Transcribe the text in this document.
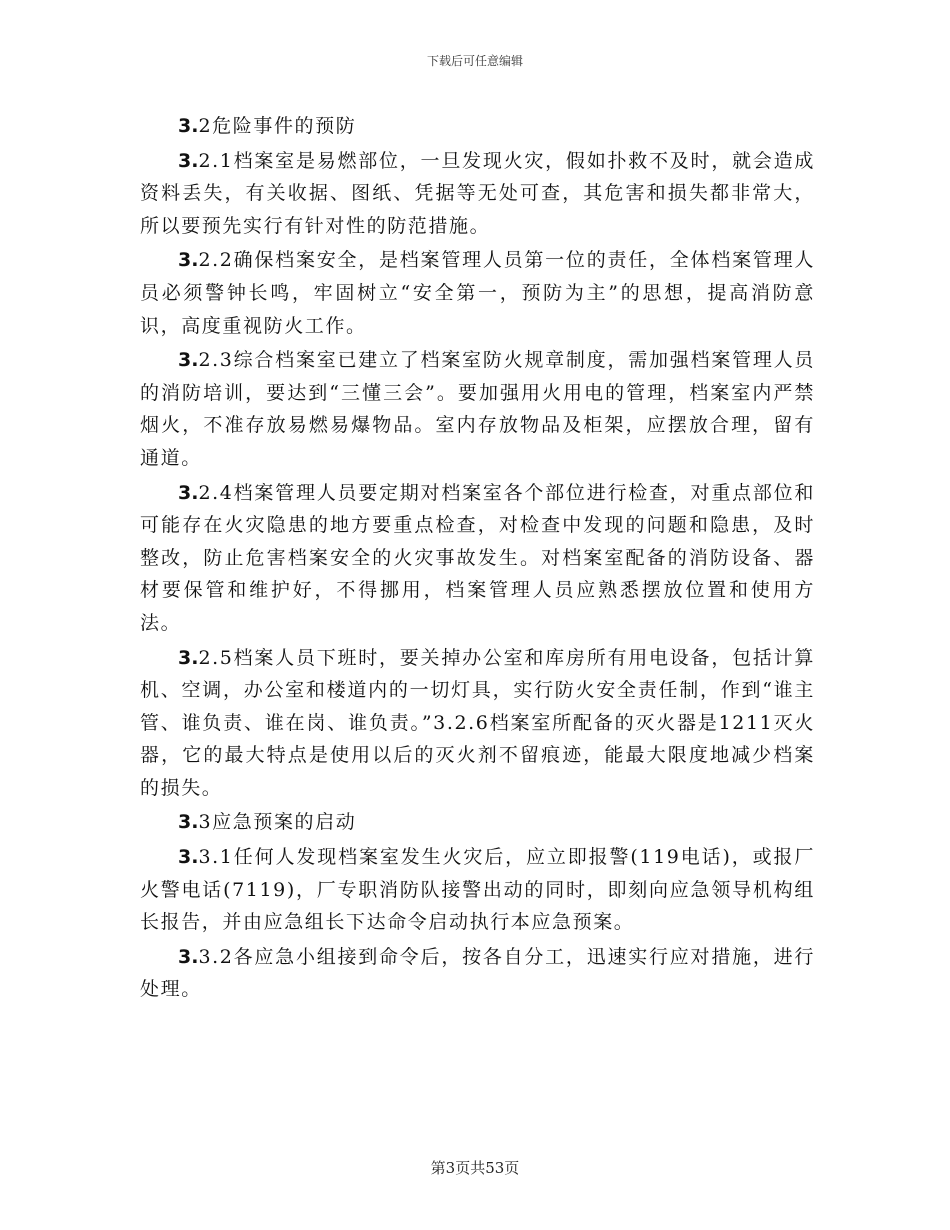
下载后可任意编辑

3.2危险事件的预防

3.2.1档案室是易燃部位，一旦发现火灾，假如扑救不及时，就会造成资料丢失，有关收据、图纸、凭据等无处可查，其危害和损失都非常大，所以要预先实行有针对性的防范措施。

3.2.2确保档案安全，是档案管理人员第一位的责任，全体档案管理人员必须警钟长鸣，牢固树立“安全第一，预防为主”的思想，提高消防意识，高度重视防火工作。

3.2.3综合档案室已建立了档案室防火规章制度，需加强档案管理人员的消防培训，要达到“三懂三会”。要加强用火用电的管理，档案室内严禁烟火，不准存放易燃易爆物品。室内存放物品及柜架，应摆放合理，留有通道。

3.2.4档案管理人员要定期对档案室各个部位进行检查，对重点部位和可能存在火灾隐患的地方要重点检查，对检查中发现的问题和隐患，及时整改，防止危害档案安全的火灾事故发生。对档案室配备的消防设备、器材要保管和维护好，不得挪用，档案管理人员应熟悉摆放位置和使用方法。

3.2.5档案人员下班时，要关掉办公室和库房所有用电设备，包括计算机、空调，办公室和楼道内的一切灯具，实行防火安全责任制，作到“谁主管、谁负责、谁在岗、谁负责。”3.2.6档案室所配备的灭火器是1211灭火器，它的最大特点是使用以后的灭火剂不留痕迹，能最大限度地减少档案的损失。

3.3应急预案的启动

3.3.1任何人发现档案室发生火灾后，应立即报警(119电话)，或报厂火警电话(7119)，厂专职消防队接警出动的同时，即刻向应急领导机构组长报告，并由应急组长下达命令启动执行本应急预案。

3.3.2各应急小组接到命令后，按各自分工，迅速实行应对措施，进行处理。

第3页共53页
